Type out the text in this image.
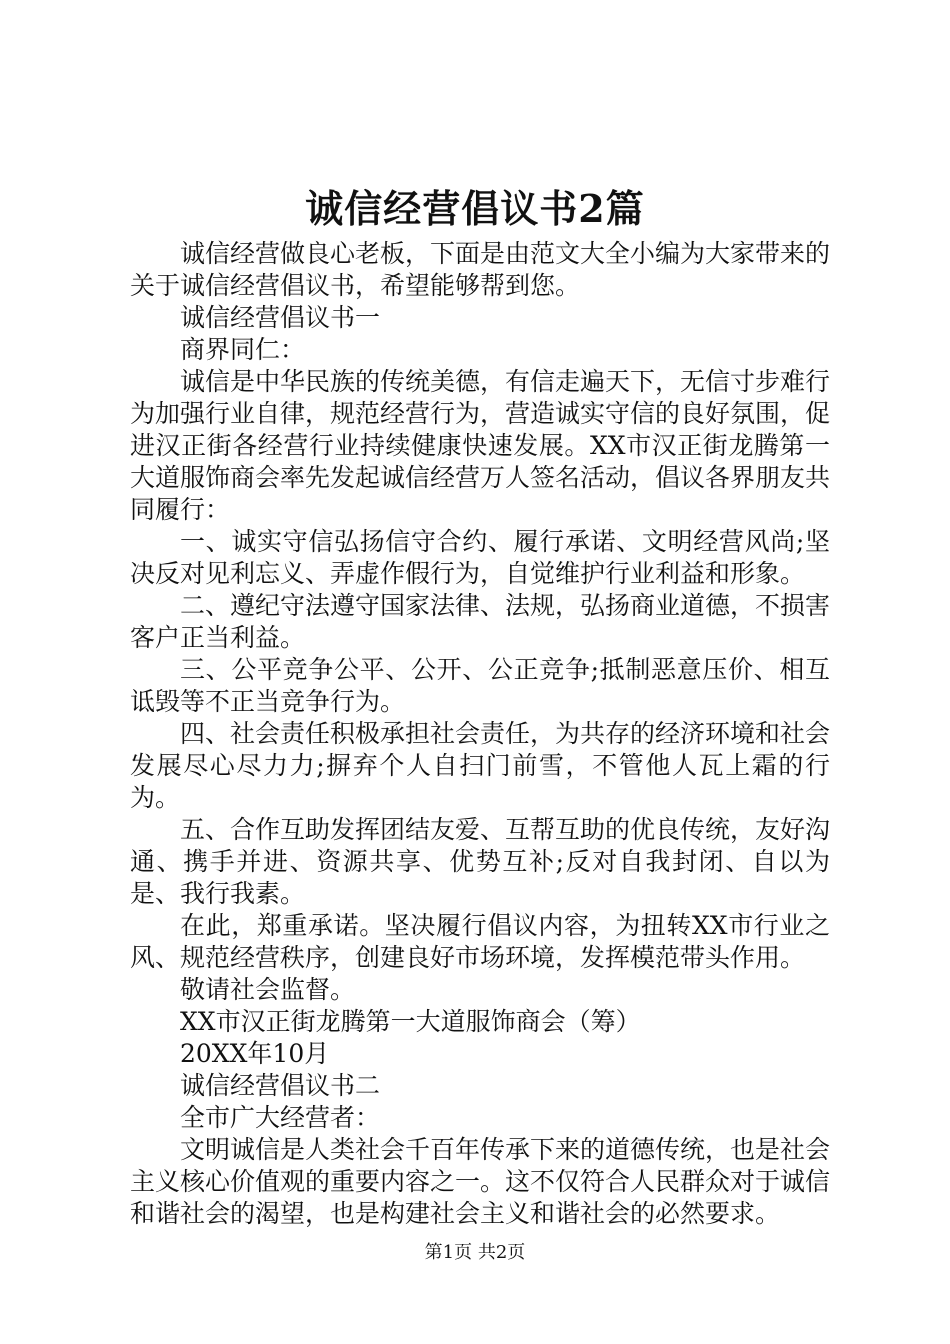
诚信经营倡议书2篇

诚信经营做良心老板，下面是由范文大全小编为大家带来的关于诚信经营倡议书，希望能够帮到您。

诚信经营倡议书一

商界同仁：

诚信是中华民族的传统美德，有信走遍天下，无信寸步难行为加强行业自律，规范经营行为，营造诚实守信的良好氛围，促进汉正街各经营行业持续健康快速发展。XX市汉正街龙腾第一大道服饰商会率先发起诚信经营万人签名活动，倡议各界朋友共同履行：

一、诚实守信弘扬信守合约、履行承诺、文明经营风尚;坚决反对见利忘义、弄虚作假行为，自觉维护行业利益和形象。

二、遵纪守法遵守国家法律、法规，弘扬商业道德，不损害客户正当利益。

三、公平竞争公平、公开、公正竞争;抵制恶意压价、相互诋毁等不正当竞争行为。

四、社会责任积极承担社会责任，为共存的经济环境和社会发展尽心尽力力;摒弃个人自扫门前雪，不管他人瓦上霜的行为。

五、合作互助发挥团结友爱、互帮互助的优良传统，友好沟通、携手并进、资源共享、优势互补;反对自我封闭、自以为是、我行我素。

在此，郑重承诺。坚决履行倡议内容，为扭转XX市行业之风、规范经营秩序，创建良好市场环境，发挥模范带头作用。

敬请社会监督。

XX市汉正街龙腾第一大道服饰商会（筹）

20XX年10月

诚信经营倡议书二

全市广大经营者：

文明诚信是人类社会千百年传承下来的道德传统，也是社会主义核心价值观的重要内容之一。这不仅符合人民群众对于诚信和谐社会的渴望，也是构建社会主义和谐社会的必然要求。

第1页 共2页
